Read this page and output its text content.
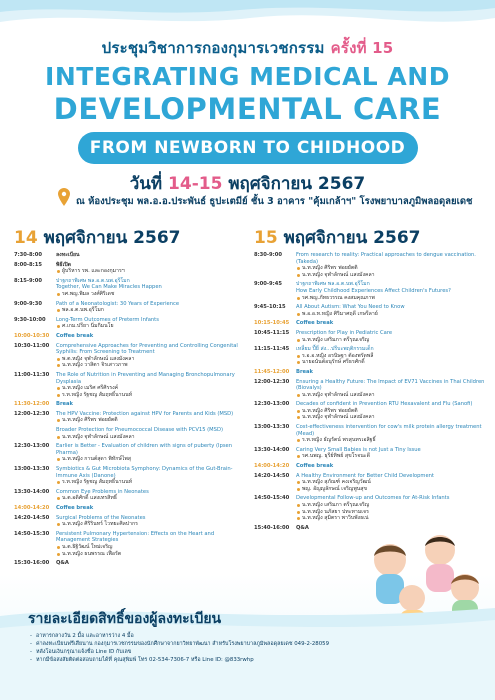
ประชุมวิชาการกองกุมารเวชกรรม ครั้งที่ 15
INTEGRATING MEDICAL AND
DEVELOPMENTAL CARE
FROM NEWBORN TO CHIDHOOD
วันที่ 14-15 พฤศจิกายน 2567
ณ ห้องประชุม พล.อ.อ.ประพันธ์ ธูปะเตมีย์ ชั้น 3 อาคาร "คุ้มเกล้าฯ" โรงพยาบาลภูมิพลอดุลยเดช
14 พฤศจิกายน 2567
7:30-8:00	ลงทะเบียน
8:00-8:15	พิธีเปิด
ผู้บริหาร รพ. และกองกุมารฯ
8:15-9:00	ปาฐกถาพิเศษ พล.อ.ต.นพ.อุรีโมก
Together, We Can Make Miracles Happen
รศ.พญ.พิมล วงศ์ศิริเดช
9:00-9:30	Path of a Neonatologist: 30 Years of Experience
พล.อ.ต.นพ.อุรีโมก
9:30-10:00	Long-Term Outcomes of Preterm Infants
ศ.เกม.ปรียา นิ่มกิมนโย
10:00-10:30	Coffee break
10:30-11:00	Comprehensive Approaches for Preventing and Controlling Congenital Syphilis: From Screening to Treatment
พ.ต.หญิง จุฬาลักษณ์ แสงมังคลา
น.ท.หญิง วาสิตา จิรเสาวภาพ
11:00-11:30	The Role of Nutrition in Preventing and Managing Bronchopulmonary Dysplasia
น.ท.หญิง เมริศ ศรีศิรรงค์
ร.ท.หญิง รัฐชญ สัมฤทธิ์นานนท์
11:30-12:00	Break
12:00-12:30	The HPV Vaccine: Protection against HPV for Parents and Kids (MSD)
น.ท.หญิง ศิริพร พ่อยยัตติ
Broader Protection for Pneumococcal Disease with PCV15 (MSD)
น.ท.หญิง จุฬาลักษณ์ แสงมังคลา
12:30-13:00	Earlier is Better - Evaluation of children with signs of puberty (Ipsen Pharma)
น.ท.หญิง กานต์สุดา พิทักษ์ไพสุ
13:00-13:30	Symbiotics & Gut Microbiota Symphony: Dynamics of the Gut-Brain-Immune Axis (Danone)
ร.ท.หญิง รัฐชญ สัมฤทธิ์นานนท์
13:30-14:00	Common Eye Problems in Neonates
น.ต.อดิศักดิ์ แสงเทรสิทธิ์
14:00-14:20	Coffee break
14:20-14:50	Surgical Problems of the Neonates
น.ท.หญิง ศิริรินทร์ ไวทยะศิลปากร
14:50-15:30	Persistent Pulmonary Hypertension: Effects on the Heart and Management Strategies
น.ต.ธิฐิวัฒน์ ใหม่เจริญ
น.ท.หญิง ธนพรรณ เฟือรัต
15:30-16:00	Q&A
15 พฤศจิกายน 2567
8:30-9:00	From research to reality: Practical approaches to dengue vaccination. (Takeda)
น.ท.หญิง ศิริพร พ่อยยัตติ
น.ท.หญิง จุฬาลักษณ์ แสงมังคลา
9:00-9:45	ปาฐกถาพิเศษ พล.อ.ต.นพ.อุรีโมก
How Early Childhood Experiences Affect Children's Futures?
รศ.พญ.ภัทธวรรณ คงสมคุณภาพ
9:45-10:15	All About Autism: What You Need to Know
พ.อ.อ.ท.หญิง ศิริมาศฤดี เกษรีลาย์
10:15-10:45	Coffee break
10:45-11:15	Prescription for Play in Pediatric Care
น.ท.หญิง เสริมภา ตรีรุณเจริญ
11:15-11:45	เหลี่ยม ปี้ยี่ ส่ง...ปรีบะพฤติกรรมเด็ก
ร.อ.อ.หญิง อรนิษฐา ต้องพรัดพลี
นายอนันต์อนุรักษ์ ศรีธรศักดิ์
11:45-12:00	Break
12:00-12:30	Ensuring a Healthy Future: The Impact of EV71 Vaccines in Thai Children (Biovalys)
น.ท.หญิง จุฬาลักษณ์ แสงมังคลา
12:30-13:00	Decades of confident in Prevention RTU Hexavalent and Flu (Sanofi)
น.ท.หญิง ศิริพร พ่อยยัตติ
น.ท.หญิง จุฬาลักษณ์ แสงมังคลา
13:00-13:30	Cost-effectiveness intervention for cow's milk protein allergy treatment (Mead)
ร.ท.หญิง ธัญรัตน์ พรสุนทรเอสิฐธิ์
13:30-14:00	Caring Very Small Babies is not Just a Tiny Issue
รศ.นพญ. ธุรีย์ทิพย์ สุขโรจนะดี
14:00-14:20	Coffee break
14:20-14:50	A Healthy Environment for Better Child Development
น.ท.หญิง สุภัณฑ์ คงเจริญวัฒน์
พญ. อัญญูลักษณ์ เจริญพูนสุข
14:50-15:40	Developmental Follow-up and Outcomes for At-Risk Infants
น.ท.หญิง เสริมภา ตรีรุณเจริญ
น.ท.หญิง นภัสยา ปทะทามเจร
น.ท.หญิง สุมิตรา พาวิบพังธเน่
15:40-16:00	Q&A
รายละเอียดสิทธิ์ของผู้ลงทะเบียน
- อาหารกลางวัน 2 มื้อ และอาหารว่าง 4 มื้อ
- ค่าลงทะเบียนฟรีเสียนาน กองกุมารเวชกรรมของนักศึกษาจากยาวิทยาพัฒนา สำหรับโรงพยาบาลภูมิพลอดุลยเดช 049-2-28059
- หลังโอนเงินกรุณาแจ้งชื่อ Line ID กับเลข
- หากมีข้อสงสัยติดต่อสอบถามได้ที่ คุณสุพิมพ์ โทร 02-534-7306-7 หรือ Line ID: @833rwhp
